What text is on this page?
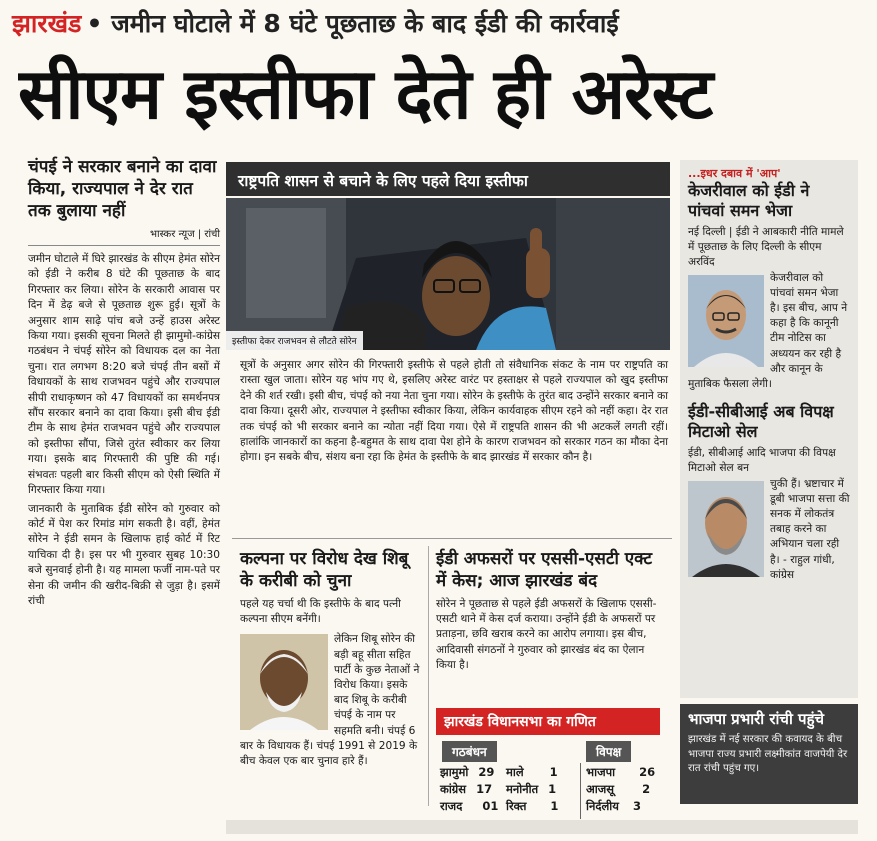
झारखंड • जमीन घोटाले में 8 घंटे पूछताछ के बाद ईडी की कार्रवाई
सीएम इस्तीफा देते ही अरेस्ट
चंपई ने सरकार बनाने का दावा किया, राज्यपाल ने देर रात तक बुलाया नहीं
भास्कर न्यूज | रांची

जमीन घोटाले में घिरे झारखंड के सीएम हेमंत सोरेन को ईडी ने करीब 8 घंटे की पूछताछ के बाद गिरफ्तार कर लिया। सोरेन के सरकारी आवास पर दिन में डेढ़ बजे से पूछताछ शुरू हुई। सूत्रों के अनुसार शाम साढ़े पांच बजे उन्हें हाउस अरेस्ट किया गया। इसकी सूचना मिलते ही झामुमो-कांग्रेस गठबंधन ने चंपई सोरेन को विधायक दल का नेता चुना। रात लगभग 8:20 बजे चंपई तीन बसों में विधायकों के साथ राजभवन पहुंचे और राज्यपाल सीपी राधाकृष्णन को 47 विधायकों का समर्थनपत्र सौंप सरकार बनाने का दावा किया। इसी बीच ईडी टीम के साथ हेमंत राजभवन पहुंचे और राज्यपाल को इस्तीफा सौंपा, जिसे तुरंत स्वीकार कर लिया गया। इसके बाद गिरफ्तारी की पुष्टि की गई। संभवतः पहली बार किसी सीएम को ऐसी स्थिति में गिरफ्तार किया गया।

जानकारी के मुताबिक ईडी सोरेन को गुरुवार को कोर्ट में पेश कर रिमांड मांग सकती है। वहीं, हेमंत सोरेन ने ईडी समन के खिलाफ हाई कोर्ट में रिट याचिका दी है। इस पर भी गुरुवार सुबह 10:30 बजे सुनवाई होनी है। यह मामला फर्जी नाम-पते पर सेना की जमीन की खरीद-बिक्री से जुड़ा है। इसमें रांची

राष्ट्रपति शासन से बचाने के लिए पहले दिया इस्तीफा
इस्तीफा देकर राजभवन से लौटते सोरेन
सूत्रों के अनुसार अगर सोरेन की गिरफ्तारी इस्तीफे से पहले होती तो संवैधानिक संकट के नाम पर राष्ट्रपति का रास्ता खुल जाता। सोरेन यह भांप गए थे, इसलिए अरेस्ट वारंट पर हस्ताक्षर से पहले राज्यपाल को खुद इस्तीफा देने की शर्त रखी। इसी बीच, चंपई को नया नेता चुना गया। सोरेन के इस्तीफे के तुरंत बाद उन्होंने सरकार बनाने का दावा किया। दूसरी ओर, राज्यपाल ने इस्तीफा स्वीकार किया, लेकिन कार्यवाहक सीएम रहने को नहीं कहा। देर रात तक चंपई को भी सरकार बनाने का न्योता नहीं दिया गया। ऐसे में राष्ट्रपति शासन की भी अटकलें लगती रहीं। हालांकि जानकारों का कहना है-बहुमत के साथ दावा पेश होने के कारण राजभवन को सरकार गठन का मौका देना होगा। इन सबके बीच, संशय बना रहा कि हेमंत के इस्तीफे के बाद झारखंड में सरकार कौन है।
कल्पना पर विरोध देख शिबू के करीबी को चुना
पहले यह चर्चा थी कि इस्तीफे के बाद पत्नी कल्पना सीएम बनेंगी।
लेकिन शिबू सोरेन की बड़ी बहू सीता सहित पार्टी के कुछ नेताओं ने विरोध किया। इसके बाद शिबू के करीबी चंपई के नाम पर सहमति बनी। चंपई 6 बार के विधायक हैं। चंपई 1991 से 2019 के बीच केवल एक बार चुनाव हारे हैं।
ईडी अफसरों पर एससी-एसटी एक्ट में केस; आज झारखंड बंद
सोरेन ने पूछताछ से पहले ईडी अफसरों के खिलाफ एससी-एसटी थाने में केस दर्ज कराया। उन्होंने ईडी के अफसरों पर प्रताड़ना, छवि खराब करने का आरोप लगाया। इस बीच, आदिवासी संगठनों ने गुरुवार को झारखंड बंद का ऐलान किया है।
झारखंड विधानसभा का गणित
गठबंधन	विपक्ष
झामुमो 29
कांग्रेस 17
राजद 01
माले 1
मनोनीत 1
रिक्त 1
भाजपा 26
आजसू 2
निर्दलीय 3
...इधर दबाव में 'आप'
केजरीवाल को ईडी ने पांचवां समन भेजा
नई दिल्ली | ईडी ने आबकारी नीति मामले में पूछताछ के लिए दिल्ली के सीएम अरविंद
केजरीवाल को पांचवां समन भेजा है। इस बीच, आप ने कहा है कि कानूनी टीम नोटिस का अध्ययन कर रही है और कानून के मुताबिक फैसला लेगी।
ईडी-सीबीआई अब विपक्ष मिटाओ सेल
ईडी, सीबीआई आदि भाजपा की विपक्ष मिटाओ सेल बन
चुकी हैं। भ्रष्टाचार में डूबी भाजपा सत्ता की सनक में लोकतंत्र तबाह करने का अभियान चला रही है। - राहुल गांधी, कांग्रेस
भाजपा प्रभारी रांची पहुंचे
झारखंड में नई सरकार की कवायद के बीच भाजपा राज्य प्रभारी लक्ष्मीकांत वाजपेयी देर रात रांची पहुंच गए।
